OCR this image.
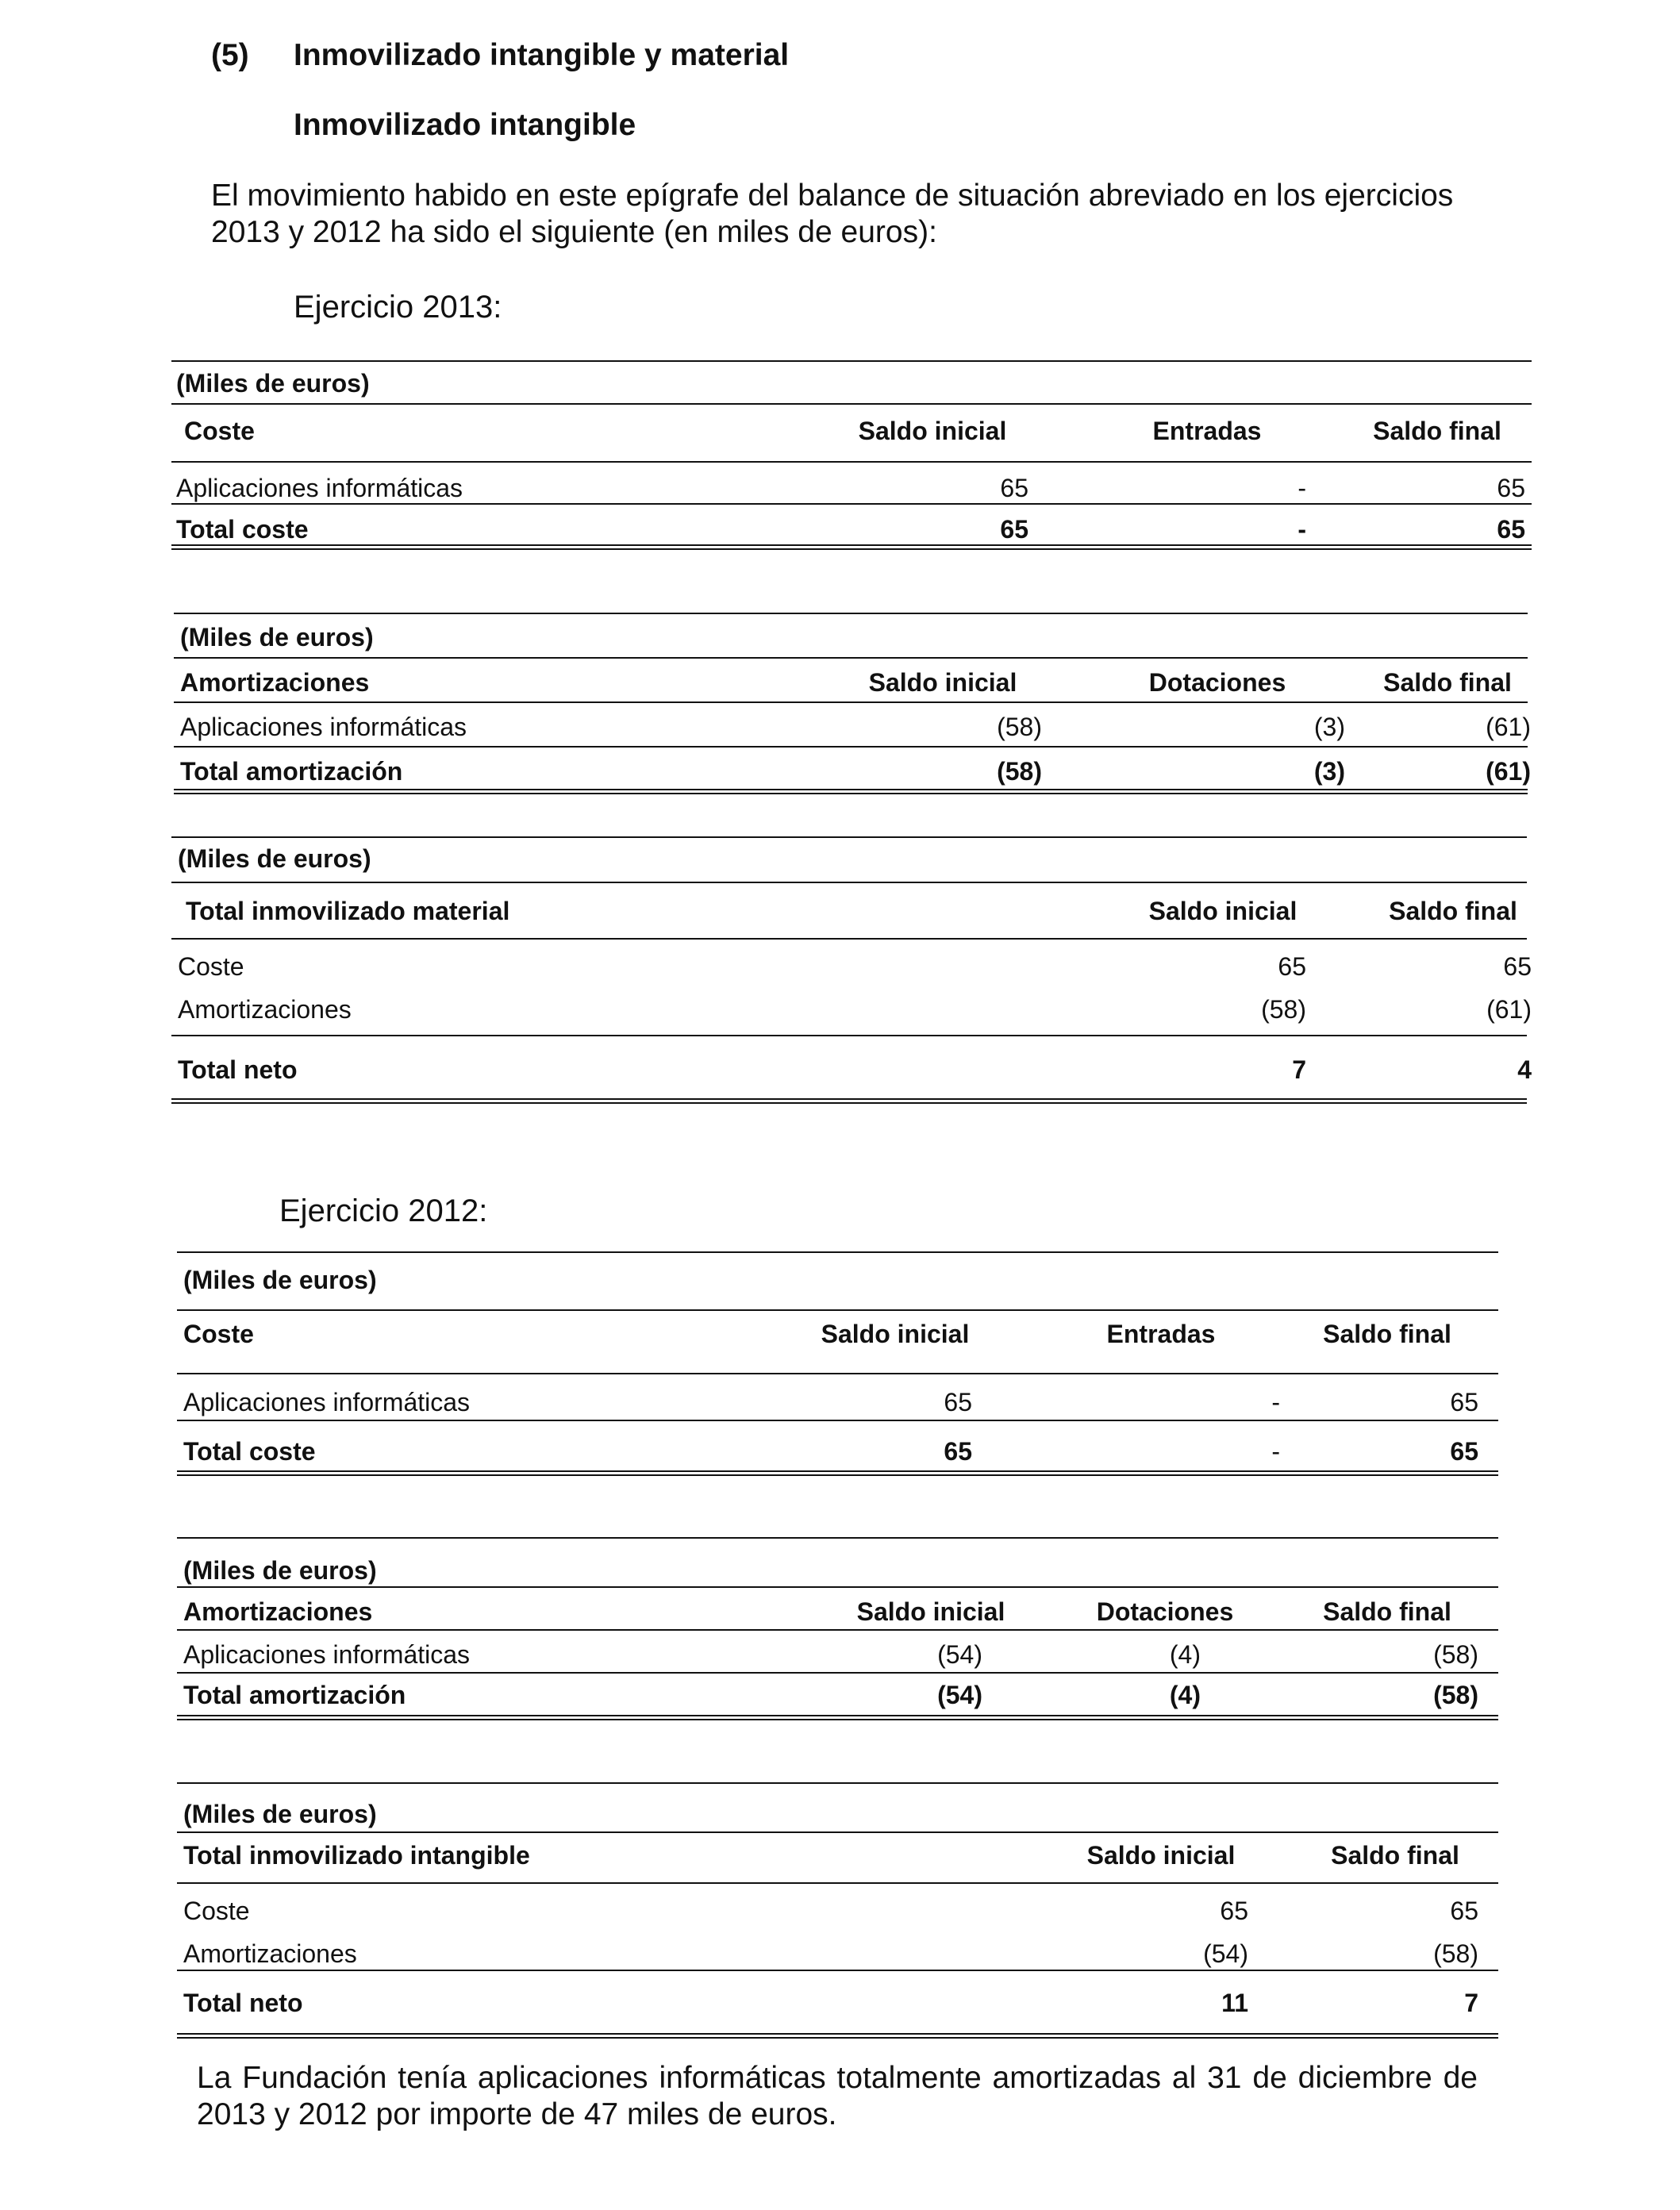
(5) Inmovilizado intangible y material
Inmovilizado intangible
El movimiento habido en este epígrafe del balance de situación abreviado en los ejercicios 2013 y 2012 ha sido el siguiente (en miles de euros):
Ejercicio 2013:
(Miles de euros)
Coste	Saldo inicial	Entradas	Saldo final
Aplicaciones informáticas	65	-	65
Total coste	65	-	65
(Miles de euros)
Amortizaciones	Saldo inicial	Dotaciones	Saldo final
Aplicaciones informáticas	(58)	(3)	(61)
Total amortización	(58)	(3)	(61)
(Miles de euros)
Total inmovilizado material	Saldo inicial	Saldo final
Coste	65	65
Amortizaciones	(58)	(61)
Total neto	7	4
Ejercicio 2012:
(Miles de euros)
Coste	Saldo inicial	Entradas	Saldo final
Aplicaciones informáticas	65	-	65
Total coste	65	-	65
(Miles de euros)
Amortizaciones	Saldo inicial	Dotaciones	Saldo final
Aplicaciones informáticas	(54)	(4)	(58)
Total amortización	(54)	(4)	(58)
(Miles de euros)
Total inmovilizado intangible	Saldo inicial	Saldo final
Coste	65	65
Amortizaciones	(54)	(58)
Total neto	11	7
La Fundación tenía aplicaciones informáticas totalmente amortizadas al 31 de diciembre de 2013 y 2012 por importe de 47 miles de euros.
